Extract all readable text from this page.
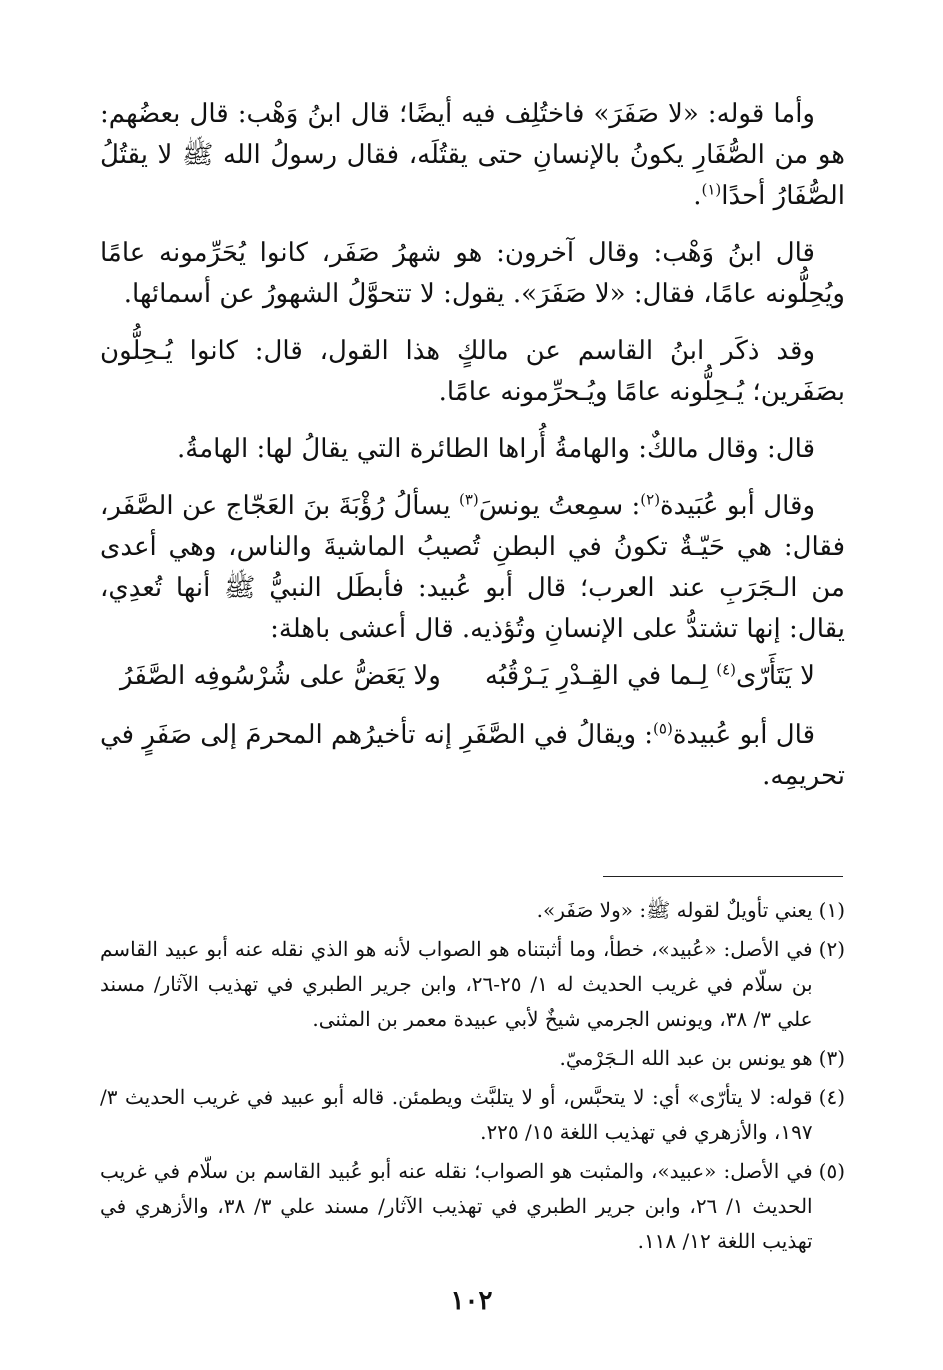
وأما قوله: «لا صَفَرَ» فاختُلِف فيه أيضًا؛ قال ابنُ وَهْب: قال بعضُهم: هو من الصُّفَارِ يكونُ بالإنسانِ حتى يقتُلَه، فقال رسولُ الله ﷺ لا يقتُلُ الصُّفَارُ أحدًا$^{(١)}$.

قال ابنُ وَهْب: وقال آخرون: هو شهرُ صَفَر، كانوا يُحَرِّمونه عامًا ويُحِلُّونه عامًا، فقال: «لا صَفَرَ». يقول: لا تتحوَّلُ الشهورُ عن أسمائها.

وقد ذكَر ابنُ القاسم عن مالكٍ هذا القول، قال: كانوا يُـحِلُّون بصَفَرين؛ يُـحِلُّونه عامًا ويُـحرِّمونه عامًا.

قال: وقال مالكٌ: والهامةُ أُراها الطائرة التي يقالُ لها: الهامةُ.

وقال أبو عُبَيدة$^{(٢)}$: سمِعتُ يونسَ$^{(٣)}$ يسألُ رُؤْبَةَ بنَ العَجّاج عن الصَّفَر، فقال: هي حَيّـةٌ تكونُ في البطنِ تُصيبُ الماشيةَ والناس، وهي أعدى من الـجَرَبِ عند العرب؛ قال أبو عُبيد: فأبطَل النبيُّ ﷺ أنها تُعدِي، يقال: إنها تشتدُّ على الإنسانِ وتُؤذيه. قال أعشى باهلة:

لا يَتَأَرّى$^{(٤)}$ لِـما في القِـدْرِ يَـرْقُبُه
ولا يَعَضُّ على شُرْسُوفِه الصَّفَرُ

قال أبو عُبيدة$^{(٥)}$: ويقالُ في الصَّفَرِ إنه تأخيرُهم المحرمَ إلى صَفَرٍ في تحريمِه.

(١)
يعني تأويلٌ لقوله ﷺ: «ولا صَفَر».
(٢)
في الأصل: «عُبيد»، خطأ، وما أثبتناه هو الصواب لأنه هو الذي نقله عنه أبو عبيد القاسم بن سلّام في غريب الحديث له ١/ ٢٥-٢٦، وابن جرير الطبري في تهذيب الآثار/ مسند علي ٣/ ٣٨، ويونس الجرمي شيخٌ لأبي عبيدة معمر بن المثنى.
(٣)
هو يونس بن عبد الله الـجَرْميّ.
(٤)
قوله: لا يتأرّى» أي: لا يتحبَّس، أو لا يتلبَّث ويطمئن. قاله أبو عبيد في غريب الحديث ٣/ ١٩٧، والأزهري في تهذيب اللغة ١٥/ ٢٢٥.
(٥)
في الأصل: «عبيد»، والمثبت هو الصواب؛ نقله عنه أبو عُبيد القاسم بن سلّام في غريب الحديث ١/ ٢٦، وابن جرير الطبري في تهذيب الآثار/ مسند علي ٣/ ٣٨، والأزهري في تهذيب اللغة ١٢/ ١١٨.
١٠٢
